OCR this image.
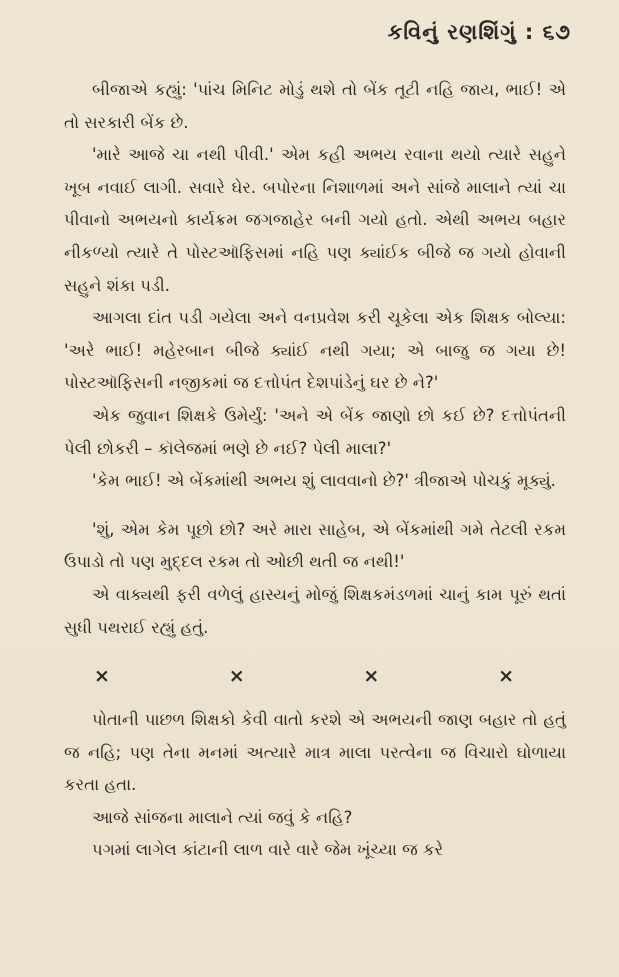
કવિનું રણશિંગું : ૬૭

બીજાએ કહ્યું: 'પાંચ મિનિટ મોડું થશે તો બેંક તૂટી નહિ જાય, ભાઈ! એ તો સરકારી બેંક છે.

'મારે આજે ચા નથી પીવી.' એમ કહી અભય રવાના થયો ત્યારે સહુને ખૂબ નવાઈ લાગી. સવારે ઘેર. બપોરના નિશાળમાં અને સાંજે માલાને ત્યાં ચા પીવાનો અભયનો કાર્યક્રમ જગજાહેર બની ગયો હતો. એથી અભય બહાર નીકળ્યો ત્યારે તે પોસ્ટઑફિસમાં નહિ પણ ક્યાંઈક બીજે જ ગયો હોવાની સહુને શંકા પડી.

આગલા દાંત પડી ગયેલા અને વનપ્રવેશ કરી ચૂકેલા એક શિક્ષક બોલ્યા: 'અરે ભાઈ! મહેરબાન બીજે ક્યાંઈ નથી ગયા; એ બાજુ જ ગયા છે! પોસ્ટઑફિસની નજીકમાં જ દત્તોપંત દેશપાંડેનું ઘર છે ને?'

એક જુવાન શિક્ષકે ઉમેર્યું: 'અને એ બેંક જાણો છો કઈ છે? દત્તોપંતની પેલી છોકરી – કૉલેજમાં ભણે છે નઈ? પેલી માલા?'

'કેમ ભાઈ! એ બેંકમાંથી અભય શું લાવવાનો છે?' ત્રીજાએ પોચકું મૂક્યું.

'શું, એમ કેમ પૂછો છો? અરે મારા સાહેબ, એ બેંકમાંથી ગમે તેટલી રકમ ઉપાડો તો પણ મુદ્દલ રકમ તો ઓછી થતી જ નથી!'

એ વાક્યથી ફરી વળેલું હાસ્યનું મોજું શિક્ષકમંડળમાં ચાનું કામ પૂરું થતાં સુધી પથરાઈ રહ્યું હતું.

×	×	×	×

પોતાની પાછળ શિક્ષકો કેવી વાતો કરશે એ અભયની જાણ બહાર તો હતું જ નહિ; પણ તેના મનમાં અત્યારે માત્ર માલા પરત્વેના જ વિચારો ઘોળાયા કરતા હતા.

આજે સાંજના માલાને ત્યાં જવું કે નહિ?

પગમાં લાગેલ કાંટાની લાળ વારે વારે જેમ ખૂંચ્યા જ કરે
